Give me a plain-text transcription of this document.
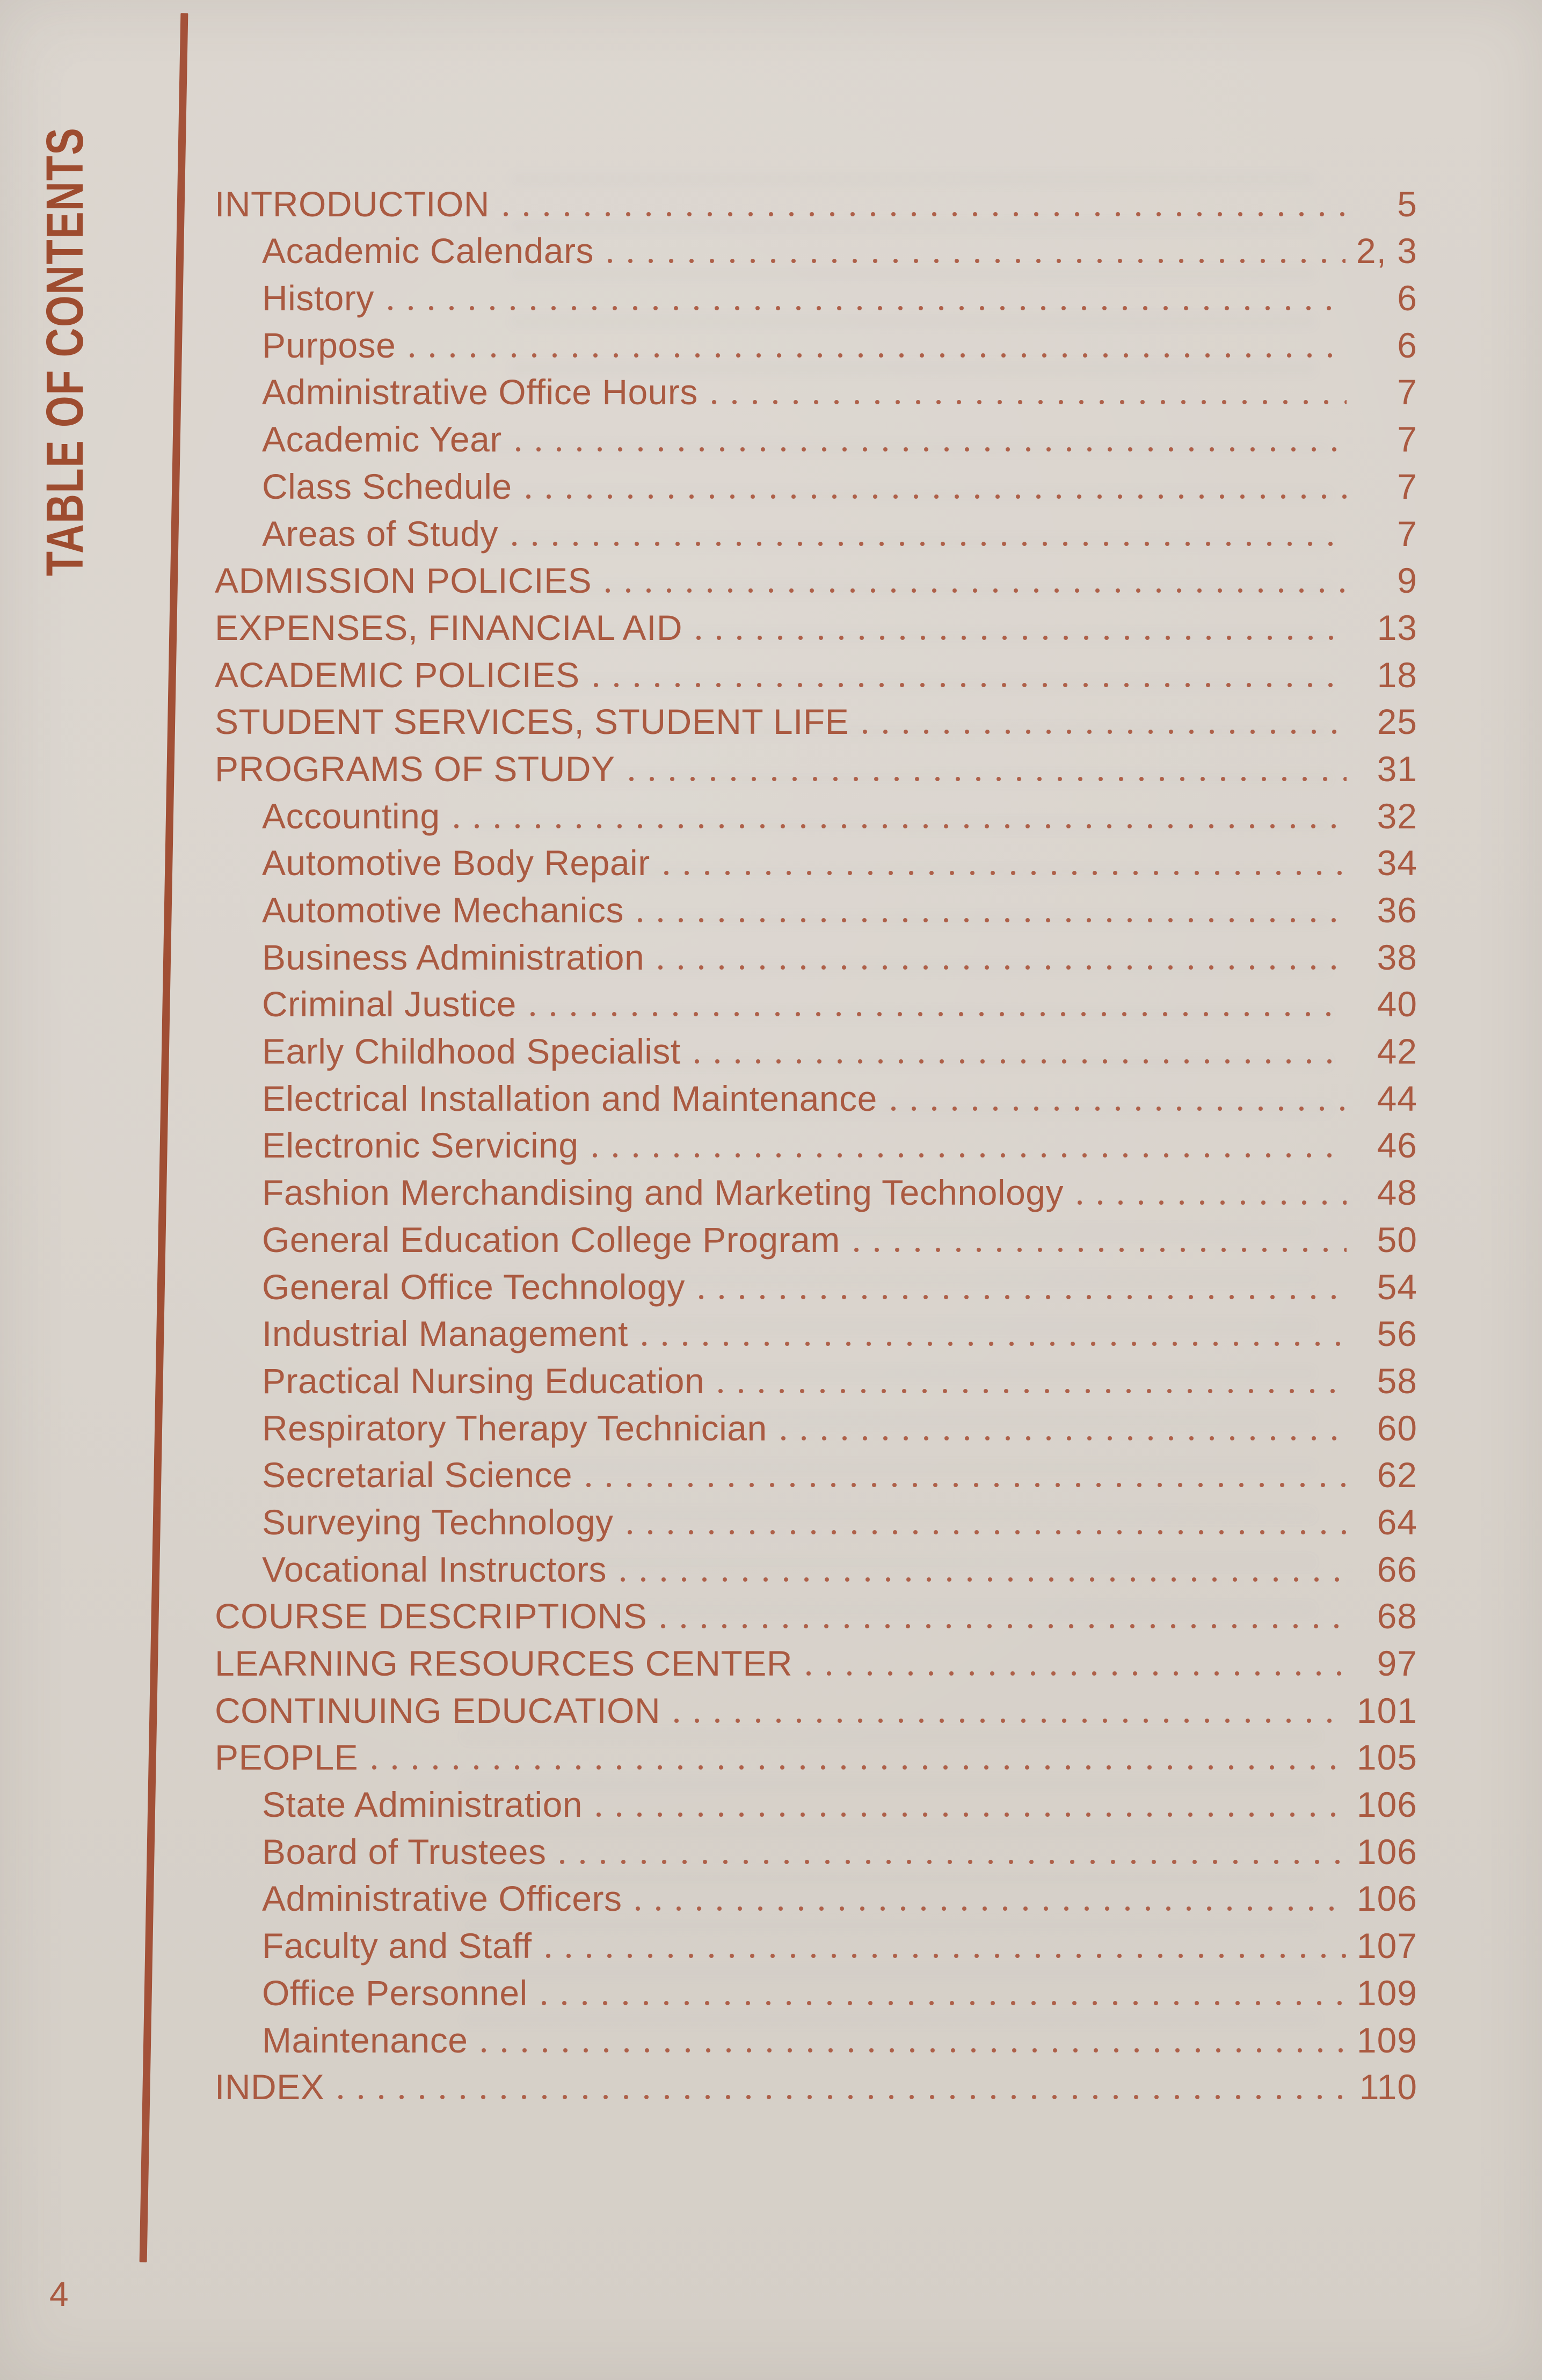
TABLE OF CONTENTS	INTRODUCTION	5
Academic Calendars	2, 3
History	6
Purpose	6
Administrative Office Hours	7
Academic Year	7
Class Schedule	7
Areas of Study	7
ADMISSION POLICIES	9
EXPENSES, FINANCIAL AID	13
ACADEMIC POLICIES	18
STUDENT SERVICES, STUDENT LIFE	25
PROGRAMS OF STUDY	31
Accounting	32
Automotive Body Repair	34
Automotive Mechanics	36
Business Administration	38
Criminal Justice	40
Early Childhood Specialist	42
Electrical Installation and Maintenance	44
Electronic Servicing	46
Fashion Merchandising and Marketing Technology	48
General Education College Program	50
General Office Technology	54
Industrial Management	56
Practical Nursing Education	58
Respiratory Therapy Technician	60
Secretarial Science	62
Surveying Technology	64
Vocational Instructors	66
COURSE DESCRIPTIONS	68
LEARNING RESOURCES CENTER	97
CONTINUING EDUCATION	101
PEOPLE	105
State Administration	106
Board of Trustees	106
Administrative Officers	106
Faculty and Staff	107
Office Personnel	109
Maintenance	109
INDEX	110
4
